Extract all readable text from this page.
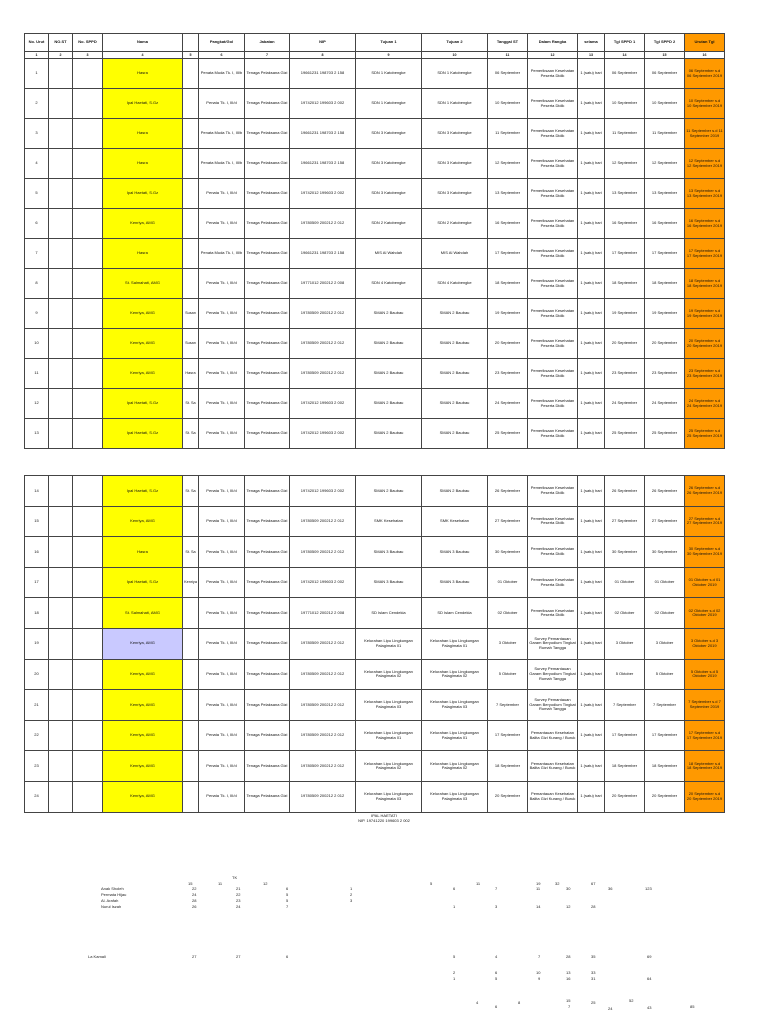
No. Urut	NO.ST	No. SPPD	Nama		Pangkat/Gol	Jabatan	NIP	Tujuan 1	Tujuan 2	Tanggal ST	Dalam Rangka	selama	Tgl SPPD 1	Tgl SPPD 2	Urutan Tgl
1	2	3	4	5	6	7	8	9	10	11	12	13	14	15	16
1			Hasra		Penata Muda Tk. I, III/b	Tenaga Pelaksana Gizi	19661231 198703 2 158	SDN 1 Katobengke	SDN 1 Katobengke	06 September	Pemeriksaan Kesehatan Peserta Didik	1 (satu) hari	06 September	06 September	06 September s.d 06 September 2019
2			Ipal Haetati, S.Gz		Penata Tk. I, III/d	Tenaga Pelaksana Gizi	19742012 199603 2 002	SDN 1 Katobengke	SDN 1 Katobengke	10 September	Pemeriksaan Kesehatan Peserta Didik	1 (satu) hari	10 September	10 September	10 September s.d 10 September 2019
3			Hasra		Penata Muda Tk. I, III/b	Tenaga Pelaksana Gizi	19661231 198703 2 158	SDN 3 Katobengke	SDN 3 Katobengke	11 September	Pemeriksaan Kesehatan Peserta Didik	1 (satu) hari	11 September	11 September	11 September s.d 11 September 2019
4			Hasra		Penata Muda Tk. I, III/b	Tenaga Pelaksana Gizi	19661231 198703 2 158	SDN 3 Katobengke	SDN 3 Katobengke	12 September	Pemeriksaan Kesehatan Peserta Didik	1 (satu) hari	12 September	12 September	12 September s.d 12 September 2019
5			Ipal Haetati, S.Gz		Penata Tk. I, III/d	Tenaga Pelaksana Gizi	19742012 199603 2 002	SDN 3 Katobengke	SDN 3 Katobengke	13 September	Pemeriksaan Kesehatan Peserta Didik	1 (satu) hari	13 September	13 September	13 September s.d 13 September 2019
6			Kenriya, AMG		Penata Tk. I, III/d	Tenaga Pelaksana Gizi	19780509 200212 2 012	SDN 2 Katobengke	SDN 2 Katobengke	16 September	Pemeriksaan Kesehatan Peserta Didik	1 (satu) hari	16 September	16 September	16 September s.d 16 September 2019
7			Hasra		Penata Muda Tk. I, III/b	Tenaga Pelaksana Gizi	19661231 198703 2 158	MIS Al Wahdah	MIS Al Wahdah	17 September	Pemeriksaan Kesehatan Peserta Didik	1 (satu) hari	17 September	17 September	17 September s.d 17 September 2019
8			St. Salmahati, AMG		Penata Tk. I, III/d	Tenaga Pelaksana Gizi	19771012 200212 2 008	SDN 4 Katobengke	SDN 4 Katobengke	18 September	Pemeriksaan Kesehatan Peserta Didik	1 (satu) hari	18 September	18 September	18 September s.d 18 September 2019
9			Kenriya, AMG	Susan	Penata Tk. I, III/d	Tenaga Pelaksana Gizi	19780509 200212 2 012	SMAN 2 Baubau	SMAN 2 Baubau	19 September	Pemeriksaan Kesehatan Peserta Didik	1 (satu) hari	19 September	19 September	19 September s.d 19 September 2019
10			Kenriya, AMG	Susan	Penata Tk. I, III/d	Tenaga Pelaksana Gizi	19780509 200212 2 012	SMAN 2 Baubau	SMAN 2 Baubau	20 September	Pemeriksaan Kesehatan Peserta Didik	1 (satu) hari	20 September	20 September	20 September s.d 20 September 2019
11			Kenriya, AMG	Hasra	Penata Tk. I, III/d	Tenaga Pelaksana Gizi	19780509 200212 2 012	SMAN 2 Baubau	SMAN 2 Baubau	23 September	Pemeriksaan Kesehatan Peserta Didik	1 (satu) hari	23 September	23 September	23 September s.d 23 September 2019
12			Ipal Haetati, S.Gz	St. Sa	Penata Tk. I, III/d	Tenaga Pelaksana Gizi	19742012 199603 2 002	SMAN 2 Baubau	SMAN 2 Baubau	24 September	Pemeriksaan Kesehatan Peserta Didik	1 (satu) hari	24 September	24 September	24 September s.d 24 September 2019
13			Ipal Haetati, S.Gz	St. Sa	Penata Tk. I, III/d	Tenaga Pelaksana Gizi	19742012 199603 2 002	SMAN 2 Baubau	SMAN 2 Baubau	25 September	Pemeriksaan Kesehatan Peserta Didik	1 (satu) hari	25 September	25 September	25 September s.d 25 September 2019
14			Ipal Haetati, S.Gz	St. Sa	Penata Tk. I, III/d	Tenaga Pelaksana Gizi	19742012 199603 2 002	SMAN 2 Baubau	SMAN 2 Baubau	26 September	Pemeriksaan Kesehatan Peserta Didik	1 (satu) hari	26 September	26 September	26 September s.d 26 September 2019
15			Kenriya, AMG		Penata Tk. I, III/d	Tenaga Pelaksana Gizi	19780509 200212 2 012	SMK Kesehatan	SMK Kesehatan	27 September	Pemeriksaan Kesehatan Peserta Didik	1 (satu) hari	27 September	27 September	27 September s.d 27 September 2019
16			Hasra	St. Sa	Penata Tk. I, III/d	Tenaga Pelaksana Gizi	19780509 200212 2 012	SMAN 3 Baubau	SMAN 3 Baubau	30 September	Pemeriksaan Kesehatan Peserta Didik	1 (satu) hari	30 September	30 September	30 September s.d 30 September 2019
17			Ipal Haetati, S.Gz	Kenriya	Penata Tk. I, III/d	Tenaga Pelaksana Gizi	19742012 199603 2 002	SMAN 3 Baubau	SMAN 3 Baubau	01 Oktober	Pemeriksaan Kesehatan Peserta Didik	1 (satu) hari	01 Oktober	01 Oktober	01 Oktober s.d 01 Oktober 2019
18			St. Salmahati, AMG		Penata Tk. I, III/d	Tenaga Pelaksana Gizi	19771012 200212 2 008	SD Islam Cendekia	SD Islam Cendekia	02 Oktober	Pemeriksaan Kesehatan Peserta Didik	1 (satu) hari	02 Oktober	02 Oktober	02 Oktober s.d 02 Oktober 2019
19			Kenriya, AMG		Penata Tk. I, III/d	Tenaga Pelaksana Gizi	19780509 200212 2 012	Kelurahan Lipu Lingkungan Palagimata 01	Kelurahan Lipu Lingkungan Palagimata 01	3 Oktober	Survey Pemantauan Garam Beryodium Tingkat Rumah Tangga	1 (satu) hari	3 Oktober	3 Oktober	3 Oktober s.d 3 Oktober 2019
20			Kenriya, AMG		Penata Tk. I, III/d	Tenaga Pelaksana Gizi	19780509 200212 2 012	Kelurahan Lipu Lingkungan Palagimata 02	Kelurahan Lipu Lingkungan Palagimata 02	5 Oktober	Survey Pemantauan Garam Beryodium Tingkat Rumah Tangga	1 (satu) hari	5 Oktober	5 Oktober	5 Oktober s.d 5 Oktober 2019
21			Kenriya, AMG		Penata Tk. I, III/d	Tenaga Pelaksana Gizi	19780509 200212 2 012	Kelurahan Lipu Lingkungan Palagimata 03	Kelurahan Lipu Lingkungan Palagimata 03	7 September	Survey Pemantauan Garam Beryodium Tingkat Rumah Tangga	1 (satu) hari	7 September	7 September	7 September s.d 7 September 2019
22			Kenriya, AMG		Penata Tk. I, III/d	Tenaga Pelaksana Gizi	19780509 200212 2 012	Kelurahan Lipu Lingkungan Palagimata 01	Kelurahan Lipu Lingkungan Palagimata 01	17 September	Pemantauan Kesehatan Balita Gizi Kurang / Buruk	1 (satu) hari	17 September	17 September	17 September s.d 17 September 2019
23			Kenriya, AMG		Penata Tk. I, III/d	Tenaga Pelaksana Gizi	19780509 200212 2 012	Kelurahan Lipu Lingkungan Palagimata 02	Kelurahan Lipu Lingkungan Palagimata 02	18 September	Pemantauan Kesehatan Balita Gizi Kurang / Buruk	1 (satu) hari	18 September	18 September	18 September s.d 18 September 2019
24			Kenriya, AMG		Penata Tk. I, III/d	Tenaga Pelaksana Gizi	19780509 200212 2 012	Kelurahan Lipu Lingkungan Palagimata 03	Kelurahan Lipu Lingkungan Palagimata 03	20 September	Pemantauan Kesehatan Balita Gizi Kurang / Buruk	1 (satu) hari	20 September	20 September	20 September s.d 20 September 2019
IPAL HAETATI
NIP. 19741220 199603 2 002
TK
15	11	12
Anak Sholeh	22	21	6
Permata Hijau	24	22	5
Al. Arafah	28	23	5
Nurul Iszah	26	24	7
1
2
3
5	11	19	32	67
6	7	11	30	36	123
1	3	14	12	28
La Kamali	27	27	6	5	4	7	28	35	69
2	6	10	13	33
1	5	9	16	31	64
4
6
8	15
7
25
24
52
43	85
